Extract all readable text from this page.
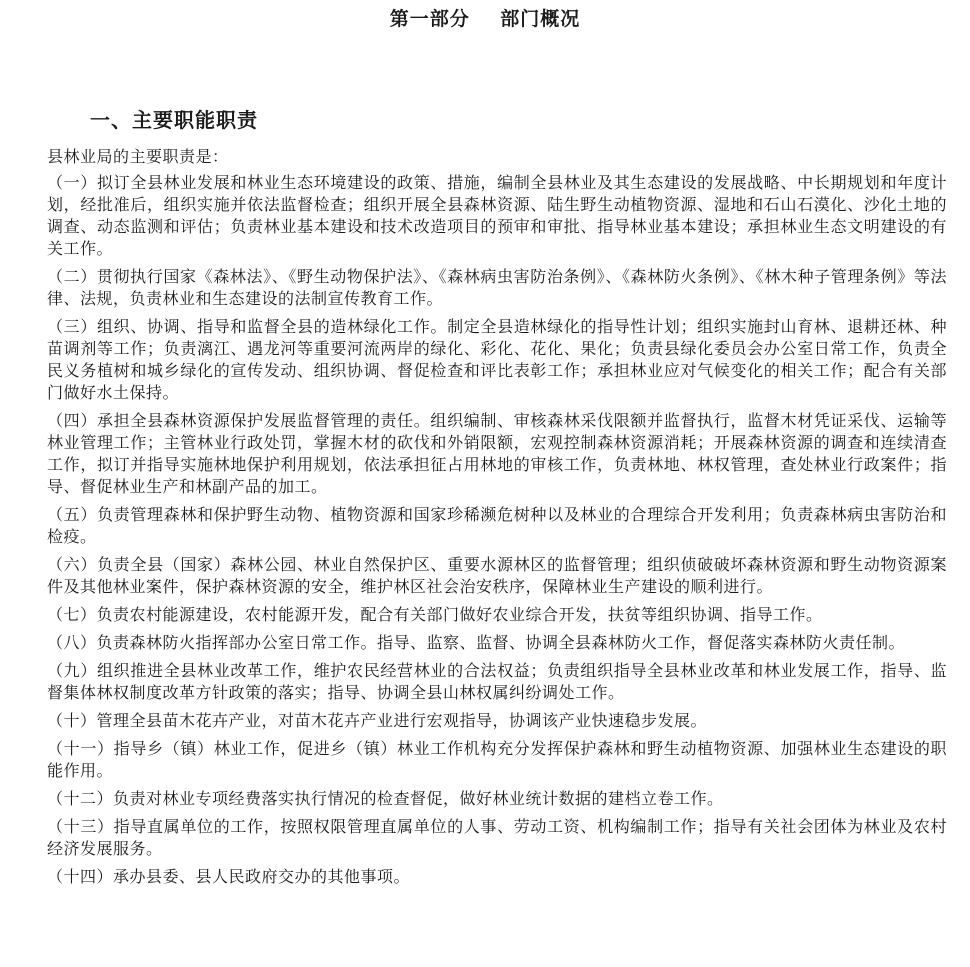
第一部分    部门概况
一、主要职能职责

县林业局的主要职责是：

（一）拟订全县林业发展和林业生态环境建设的政策、措施，编制全县林业及其生态建设的发展战略、中长期规划和年度计划，经批准后，组织实施并依法监督检查；组织开展全县森林资源、陆生野生动植物资源、湿地和石山石漠化、沙化土地的调查、动态监测和评估；负责林业基本建设和技术改造项目的预审和审批、指导林业基本建设；承担林业生态文明建设的有关工作。

（二）贯彻执行国家《森林法》、《野生动物保护法》、《森林病虫害防治条例》、《森林防火条例》、《林木种子管理条例》等法律、法规，负责林业和生态建设的法制宣传教育工作。

（三）组织、协调、指导和监督全县的造林绿化工作。制定全县造林绿化的指导性计划；组织实施封山育林、退耕还林、种苗调剂等工作；负责漓江、遇龙河等重要河流两岸的绿化、彩化、花化、果化；负责县绿化委员会办公室日常工作，负责全民义务植树和城乡绿化的宣传发动、组织协调、督促检查和评比表彰工作；承担林业应对气候变化的相关工作；配合有关部门做好水土保持。

（四）承担全县森林资源保护发展监督管理的责任。组织编制、审核森林采伐限额并监督执行，监督木材凭证采伐、运输等林业管理工作；主管林业行政处罚，掌握木材的砍伐和外销限额，宏观控制森林资源消耗；开展森林资源的调查和连续清查工作，拟订并指导实施林地保护利用规划，依法承担征占用林地的审核工作，负责林地、林权管理，查处林业行政案件；指导、督促林业生产和林副产品的加工。

（五）负责管理森林和保护野生动物、植物资源和国家珍稀濒危树种以及林业的合理综合开发利用；负责森林病虫害防治和检疫。

（六）负责全县（国家）森林公园、林业自然保护区、重要水源林区的监督管理；组织侦破破坏森林资源和野生动物资源案件及其他林业案件，保护森林资源的安全，维护林区社会治安秩序，保障林业生产建设的顺利进行。

（七）负责农村能源建设，农村能源开发，配合有关部门做好农业综合开发，扶贫等组织协调、指导工作。

（八）负责森林防火指挥部办公室日常工作。指导、监察、监督、协调全县森林防火工作，督促落实森林防火责任制。

（九）组织推进全县林业改革工作，维护农民经营林业的合法权益；负责组织指导全县林业改革和林业发展工作，指导、监督集体林权制度改革方针政策的落实；指导、协调全县山林权属纠纷调处工作。

（十）管理全县苗木花卉产业，对苗木花卉产业进行宏观指导，协调该产业快速稳步发展。

（十一）指导乡（镇）林业工作，促进乡（镇）林业工作机构充分发挥保护森林和野生动植物资源、加强林业生态建设的职能作用。

（十二）负责对林业专项经费落实执行情况的检查督促，做好林业统计数据的建档立卷工作。

（十三）指导直属单位的工作，按照权限管理直属单位的人事、劳动工资、机构编制工作；指导有关社会团体为林业及农村经济发展服务。

（十四）承办县委、县人民政府交办的其他事项。
